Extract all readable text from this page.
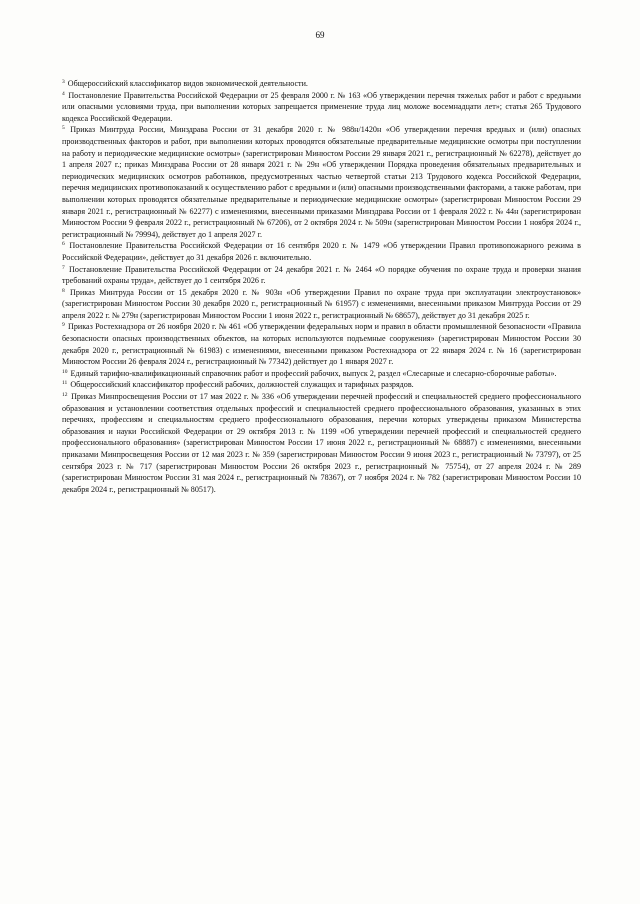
69

$^3$ Общероссийский классификатор видов экономической деятельности.

$^4$ Постановление Правительства Российской Федерации от 25 февраля 2000 г. № 163 «Об утверждении перечня тяжелых работ и работ с вредными или опасными условиями труда, при выполнении которых запрещается применение труда лиц моложе восемнадцати лет»; статья 265 Трудового кодекса Российской Федерации.

$^5$ Приказ Минтруда России, Минздрава России от 31 декабря 2020 г. № 988н/1420н «Об утверждении перечня вредных и (или) опасных производственных факторов и работ, при выполнении которых проводятся обязательные предварительные медицинские осмотры при поступлении на работу и периодические медицинские осмотры» (зарегистрирован Минюстом России 29 января 2021 г., регистрационный № 62278), действует до 1 апреля 2027 г.; приказ Минздрава России от 28 января 2021 г. № 29н «Об утверждении Порядка проведения обязательных предварительных и периодических медицинских осмотров работников, предусмотренных частью четвертой статьи 213 Трудового кодекса Российской Федерации, перечня медицинских противопоказаний к осуществлению работ с вредными и (или) опасными производственными факторами, а также работам, при выполнении которых проводятся обязательные предварительные и периодические медицинские осмотры» (зарегистрирован Минюстом России 29 января 2021 г., регистрационный № 62277) с изменениями, внесенными приказами Минздрава России от 1 февраля 2022 г. № 44н (зарегистрирован Минюстом России 9 февраля 2022 г., регистрационный № 67206), от 2 октября 2024 г. № 509н (зарегистрирован Минюстом России 1 ноября 2024 г., регистрационный № 79994), действует до 1 апреля 2027 г.

$^6$ Постановление Правительства Российской Федерации от 16 сентября 2020 г. № 1479 «Об утверждении Правил противопожарного режима в Российской Федерации», действует до 31 декабря 2026 г. включительно.

$^7$ Постановление Правительства Российской Федерации от 24 декабря 2021 г. № 2464 «О порядке обучения по охране труда и проверки знания требований охраны труда», действует до 1 сентября 2026 г.

$^8$ Приказ Минтруда России от 15 декабря 2020 г. № 903н «Об утверждении Правил по охране труда при эксплуатации электроустановок» (зарегистрирован Минюстом России 30 декабря 2020 г., регистрационный № 61957) с изменениями, внесенными приказом Минтруда России от 29 апреля 2022 г. № 279н (зарегистрирован Минюстом России 1 июня 2022 г., регистрационный № 68657), действует до 31 декабря 2025 г.

$^9$ Приказ Ростехнадзора от 26 ноября 2020 г. № 461 «Об утверждении федеральных норм и правил в области промышленной безопасности «Правила безопасности опасных производственных объектов, на которых используются подъемные сооружения» (зарегистрирован Минюстом России 30 декабря 2020 г., регистрационный № 61983) с изменениями, внесенными приказом Ростехнадзора от 22 января 2024 г. № 16 (зарегистрирован Минюстом России 26 февраля 2024 г., регистрационный № 77342) действует до 1 января 2027 г.

$^{10}$ Единый тарифно-квалификационный справочник работ и профессий рабочих, выпуск 2, раздел «Слесарные и слесарно-сборочные работы».

$^{11}$ Общероссийский классификатор профессий рабочих, должностей служащих и тарифных разрядов.

$^{12}$ Приказ Минпросвещения России от 17 мая 2022 г. № 336 «Об утверждении перечней профессий и специальностей среднего профессионального образования и установлении соответствия отдельных профессий и специальностей среднего профессионального образования, указанных в этих перечнях, профессиям и специальностям среднего профессионального образования, перечни которых утверждены приказом Министерства образования и науки Российской Федерации от 29 октября 2013 г. № 1199 «Об утверждении перечней профессий и специальностей среднего профессионального образования» (зарегистрирован Минюстом России 17 июня 2022 г., регистрационный № 68887) с изменениями, внесенными приказами Минпросвещения России от 12 мая 2023 г. № 359 (зарегистрирован Минюстом России 9 июня 2023 г., регистрационный № 73797), от 25 сентября 2023 г. № 717 (зарегистрирован Минюстом России 26 октября 2023 г., регистрационный № 75754), от 27 апреля 2024 г. № 289 (зарегистрирован Минюстом России 31 мая 2024 г., регистрационный № 78367), от 7 ноября 2024 г. № 782 (зарегистрирован Минюстом России 10 декабря 2024 г., регистрационный № 80517).
